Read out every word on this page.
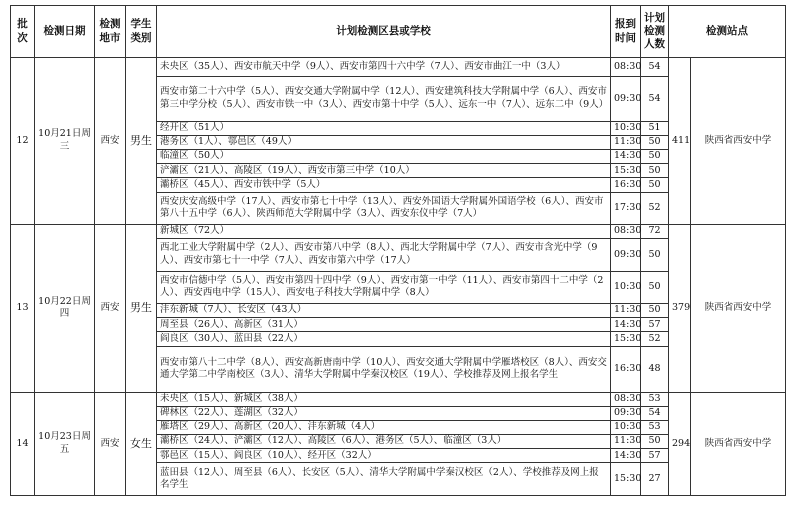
批次	检测日期	检测地市	学生类别	计划检测区县或学校	报到时间	计划检测人数	检测站点	
12	10月21日周三	西安	男生	未央区（35人）、西安市航天中学（9人）、西安市第四十六中学（7人）、西安市曲江一中（3人）	08:30	54	411	陕西省西安中学
				西安市第二十六中学（5人）、西安交通大学附属中学（12人）、西安建筑科技大学附属中学（6人）、西安市第三中学分校（5人）、西安市铁一中（3人）、西安市第十中学（5人）、远东一中（7人）、远东二中（9人）	09:30	54		
				经开区（51人）	10:30	51		
				港务区（1人）、鄠邑区（49人）	11:30	50		
				临潼区（50人）	14:30	50		
				浐灞区（21人）、高陵区（19人）、西安市第三中学（10人）	15:30	50		
				灞桥区（45人）、西安市铁中学（5人）	16:30	50		
				西安庆安高级中学（17人）、西安市第七十中学（13人）、西安外国语大学附属外国语学校（6人）、西安市第八十五中学（6人）、陕西师范大学附属中学（3人）、西安东仪中学（7人）	17:30	52		
13	10月22日周四	西安	男生	新城区（72人）	08:30	72	379	陕西省西安中学
				西北工业大学附属中学（2人）、西安市第八中学（8人）、西北大学附属中学（7人）、西安市含光中学（9人）、西安市第七十一中学（7人）、西安市第六中学（17人）	09:30	50		
				西安市信德中学（5人）、西安市第四十四中学（9人）、西安市第一中学（11人）、西安市第四十二中学（2人）、西安西电中学（15人）、西安电子科技大学附属中学（8人）	10:30	50		
				沣东新城（7人）、长安区（43人）	11:30	50		
				周至县（26人）、高新区（31人）	14:30	57		
				阎良区（30人）、蓝田县（22人）	15:30	52		
				西安市第八十二中学（8人）、西安高新唐南中学（10人）、西安交通大学附属中学雁塔校区（8人）、西安交通大学第二中学南校区（3人）、清华大学附属中学秦汉校区（19人）、学校推荐及网上报名学生	16:30	48		
14	10月23日周五	西安	女生	未央区（15人）、新城区（38人）	08:30	53	294	陕西省西安中学
				碑林区（22人）、莲湖区（32人）	09:30	54		
				雁塔区（29人）、高新区（20人）、沣东新城（4人）	10:30	53		
				灞桥区（24人）、浐灞区（12人）、高陵区（6人）、港务区（5人）、临潼区（3人）	11:30	50		
				鄠邑区（15人）、阎良区（10人）、经开区（32人）	14:30	57		
				蓝田县（12人）、周至县（6人）、长安区（5人）、清华大学附属中学秦汉校区（2人）、学校推荐及网上报名学生	15:30	27		
